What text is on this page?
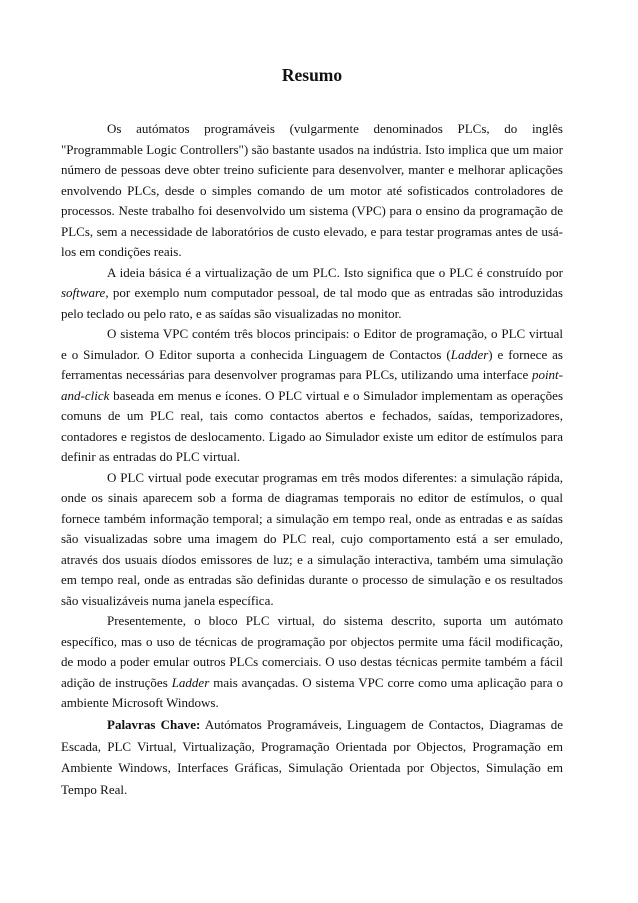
Resumo

Os autómatos programáveis (vulgarmente denominados PLCs, do inglês "Programmable Logic Controllers") são bastante usados na indústria. Isto implica que um maior número de pessoas deve obter treino suficiente para desenvolver, manter e melhorar aplicações envolvendo PLCs, desde o simples comando de um motor até sofisticados controladores de processos. Neste trabalho foi desenvolvido um sistema (VPC) para o ensino da programação de PLCs, sem a necessidade de laboratórios de custo elevado, e para testar programas antes de usá-los em condições reais.

A ideia básica é a virtualização de um PLC. Isto significa que o PLC é construído por software, por exemplo num computador pessoal, de tal modo que as entradas são introduzidas pelo teclado ou pelo rato, e as saídas são visualizadas no monitor.

O sistema VPC contém três blocos principais: o Editor de programação, o PLC virtual e o Simulador. O Editor suporta a conhecida Linguagem de Contactos (Ladder) e fornece as ferramentas necessárias para desenvolver programas para PLCs, utilizando uma interface point-and-click baseada em menus e ícones. O PLC virtual e o Simulador implementam as operações comuns de um PLC real, tais como contactos abertos e fechados, saídas, temporizadores, contadores e registos de deslocamento. Ligado ao Simulador existe um editor de estímulos para definir as entradas do PLC virtual.

O PLC virtual pode executar programas em três modos diferentes: a simulação rápida, onde os sinais aparecem sob a forma de diagramas temporais no editor de estímulos, o qual fornece também informação temporal; a simulação em tempo real, onde as entradas e as saídas são visualizadas sobre uma imagem do PLC real, cujo comportamento está a ser emulado, através dos usuais díodos emissores de luz; e a simulação interactiva, também uma simulação em tempo real, onde as entradas são definidas durante o processo de simulação e os resultados são visualizáveis numa janela específica.

Presentemente, o bloco PLC virtual, do sistema descrito, suporta um autómato específico, mas o uso de técnicas de programação por objectos permite uma fácil modificação, de modo a poder emular outros PLCs comerciais. O uso destas técnicas permite também a fácil adição de instruções Ladder mais avançadas. O sistema VPC corre como uma aplicação para o ambiente Microsoft Windows.

Palavras Chave: Autómatos Programáveis, Linguagem de Contactos, Diagramas de Escada, PLC Virtual, Virtualização, Programação Orientada por Objectos, Programação em Ambiente Windows, Interfaces Gráficas, Simulação Orientada por Objectos, Simulação em Tempo Real.
